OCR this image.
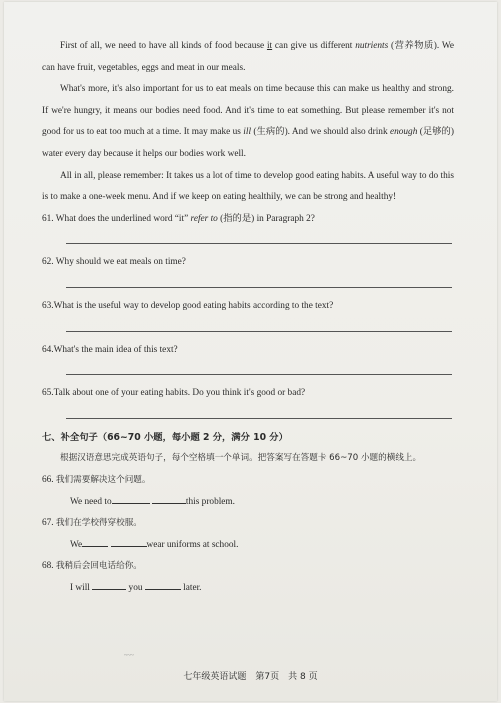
First of all, we need to have all kinds of food because it can give us different nutrients (营养物质). We can have fruit, vegetables, eggs and meat in our meals.

What's more, it's also important for us to eat meals on time because this can make us healthy and strong. If we're hungry, it means our bodies need food. And it's time to eat something. But please remember it's not good for us to eat too much at a time. It may make us ill (生病的). And we should also drink enough (足够的) water every day because it helps our bodies work well.

All in all, please remember: It takes us a lot of time to develop good eating habits. A useful way to do this is to make a one-week menu. And if we keep on eating healthily, we can be strong and healthy!

61. What does the underlined word “it” refer to (指的是) in Paragraph 2?

62. Why should we eat meals on time?

63.What is the useful way to develop good eating habits according to the text?

64.What's the main idea of this text?

65.Talk about one of your eating habits. Do you think it's good or bad?

七、补全句子（66~70 小题，每小题 2 分，满分 10 分）

根据汉语意思完成英语句子，每个空格填一个单词。把答案写在答题卡 66~70 小题的横线上。

66. 我们需要解决这个问题。

We need to	this problem.

67. 我们在学校得穿校服。

We	wear uniforms at school.

68. 我稍后会回电话给你。

I will	you	later.

~~~
七年级英语试题　第7页　共 8 页
